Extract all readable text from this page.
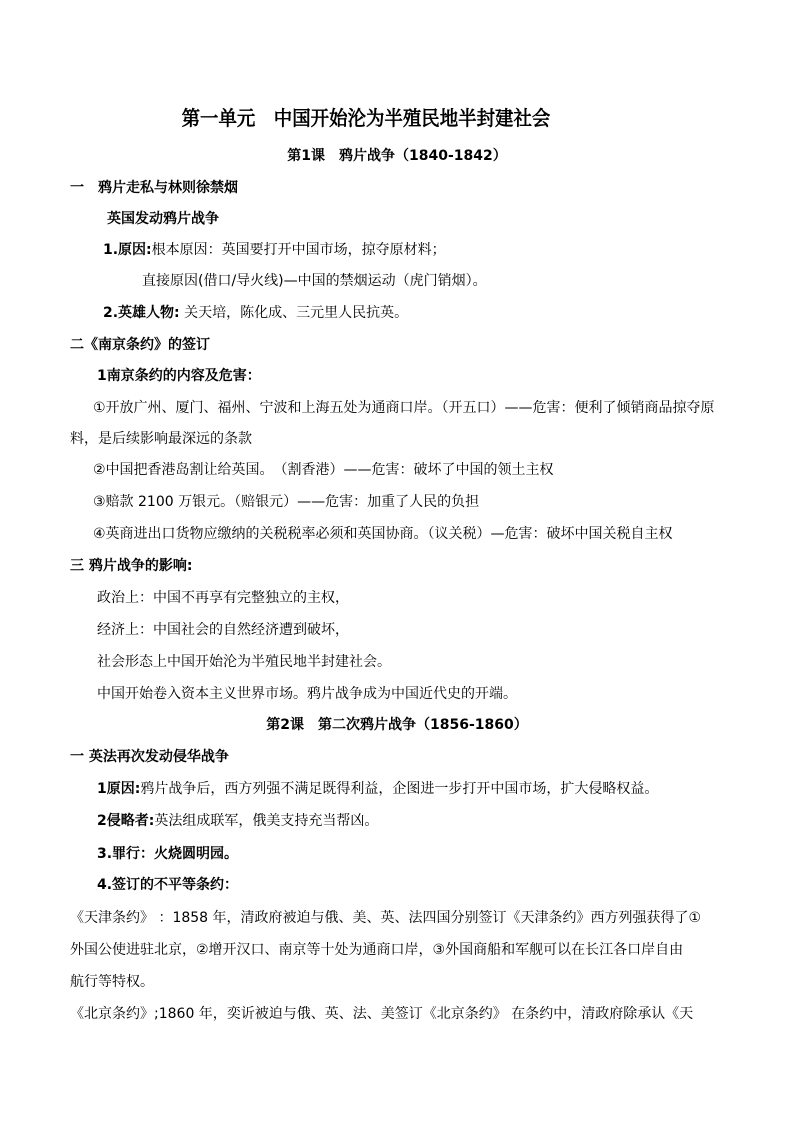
第一单元　中国开始沦为半殖民地半封建社会
第1课　鸦片战争（1840-1842）
一　鸦片走私与林则徐禁烟
英国发动鸦片战争
1.原因:根本原因：英国要打开中国市场，掠夺原材料；
直接原因(借口/导火线)—中国的禁烟运动（虎门销烟）。
2.英雄人物: 关天培，陈化成、三元里人民抗英。
二《南京条约》的签订
1南京条约的内容及危害：
①开放广州、厦门、福州、宁波和上海五处为通商口岸。（开五口）——危害：便利了倾销商品掠夺原
料，是后续影响最深远的条款
②中国把香港岛割让给英国。　（割香港）——危害：破坏了中国的领土主权
③赔款 2100 万银元。（赔银元）——危害：加重了人民的负担
④英商进出口货物应缴纳的关税税率必须和英国协商。（议关税）—危害：破坏中国关税自主权
三 鸦片战争的影响:
政治上：中国不再享有完整独立的主权，
经济上：中国社会的自然经济遭到破坏，
社会形态上中国开始沦为半殖民地半封建社会。
中国开始卷入资本主义世界市场。鸦片战争成为中国近代史的开端。
第2课　第二次鸦片战争（1856-1860）
一 英法再次发动侵华战争
1原因:鸦片战争后，西方列强不满足既得利益，企图进一步打开中国市场，扩大侵略权益。
2侵略者:英法组成联军，俄美支持充当帮凶。
3.罪行：火烧圆明园。
4.签订的不平等条约：
《天津条约》 ：1858 年，清政府被迫与俄、美、英、法四国分别签订《天津条约》西方列强获得了①
外国公使进驻北京，②增开汉口、南京等十处为通商口岸，③外国商船和军舰可以在长江各口岸自由
航行等特权。
《北京条约》;1860 年，奕䜣被迫与俄、英、法、美签订《北京条约》 在条约中，清政府除承认《天
